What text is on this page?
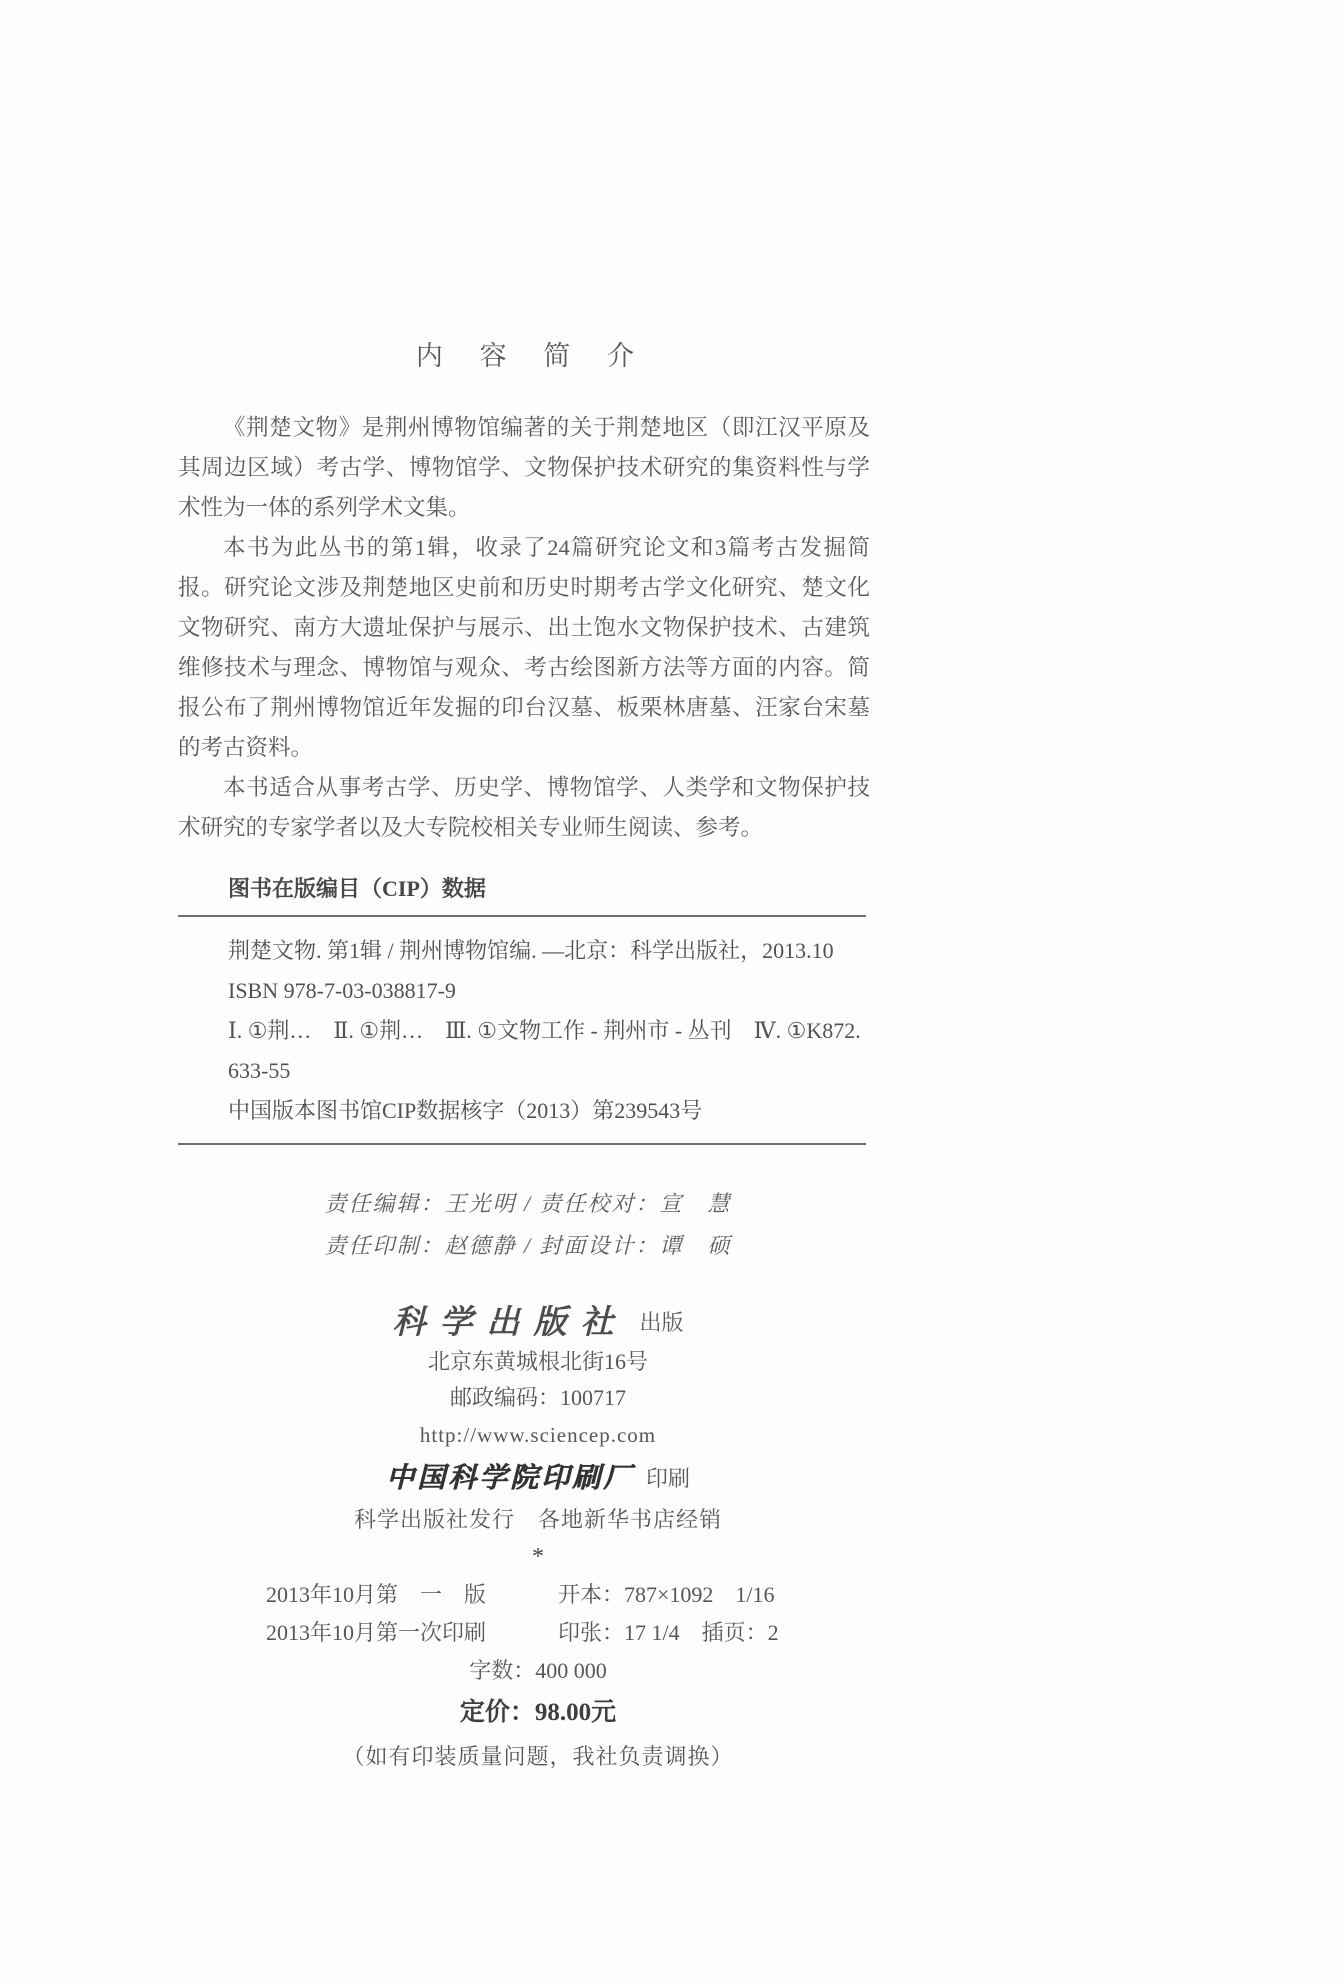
内 容 简 介

《荆楚文物》是荆州博物馆编著的关于荆楚地区（即江汉平原及其周边区域）考古学、博物馆学、文物保护技术研究的集资料性与学术性为一体的系列学术文集。

本书为此丛书的第1辑，收录了24篇研究论文和3篇考古发掘简报。研究论文涉及荆楚地区史前和历史时期考古学文化研究、楚文化文物研究、南方大遗址保护与展示、出土饱水文物保护技术、古建筑维修技术与理念、博物馆与观众、考古绘图新方法等方面的内容。简报公布了荆州博物馆近年发掘的印台汉墓、板栗林唐墓、汪家台宋墓的考古资料。

本书适合从事考古学、历史学、博物馆学、人类学和文物保护技术研究的专家学者以及大专院校相关专业师生阅读、参考。

图书在版编目（CIP）数据

荆楚文物. 第1辑 / 荆州博物馆编. —北京：科学出版社，2013.10

ISBN 978-7-03-038817-9

Ⅰ. ①荆…　Ⅱ. ①荆…　Ⅲ. ①文物工作 - 荆州市 - 丛刊　Ⅳ. ①K872.

633-55

中国版本图书馆CIP数据核字（2013）第239543号

责任编辑：王光明 / 责任校对：宣　慧

责任印制：赵德静 / 封面设计：谭　硕

科学出版社 出版
北京东黄城根北街16号
邮政编码：100717
http://www.sciencep.com
中国科学院印刷厂 印刷
科学出版社发行　各地新华书店经销
*
2013年10月第　一　版	开本：787×1092　1/16
2013年10月第一次印刷	印张：17 1/4　插页：2
字数：400 000
定价：98.00元
（如有印装质量问题，我社负责调换）
